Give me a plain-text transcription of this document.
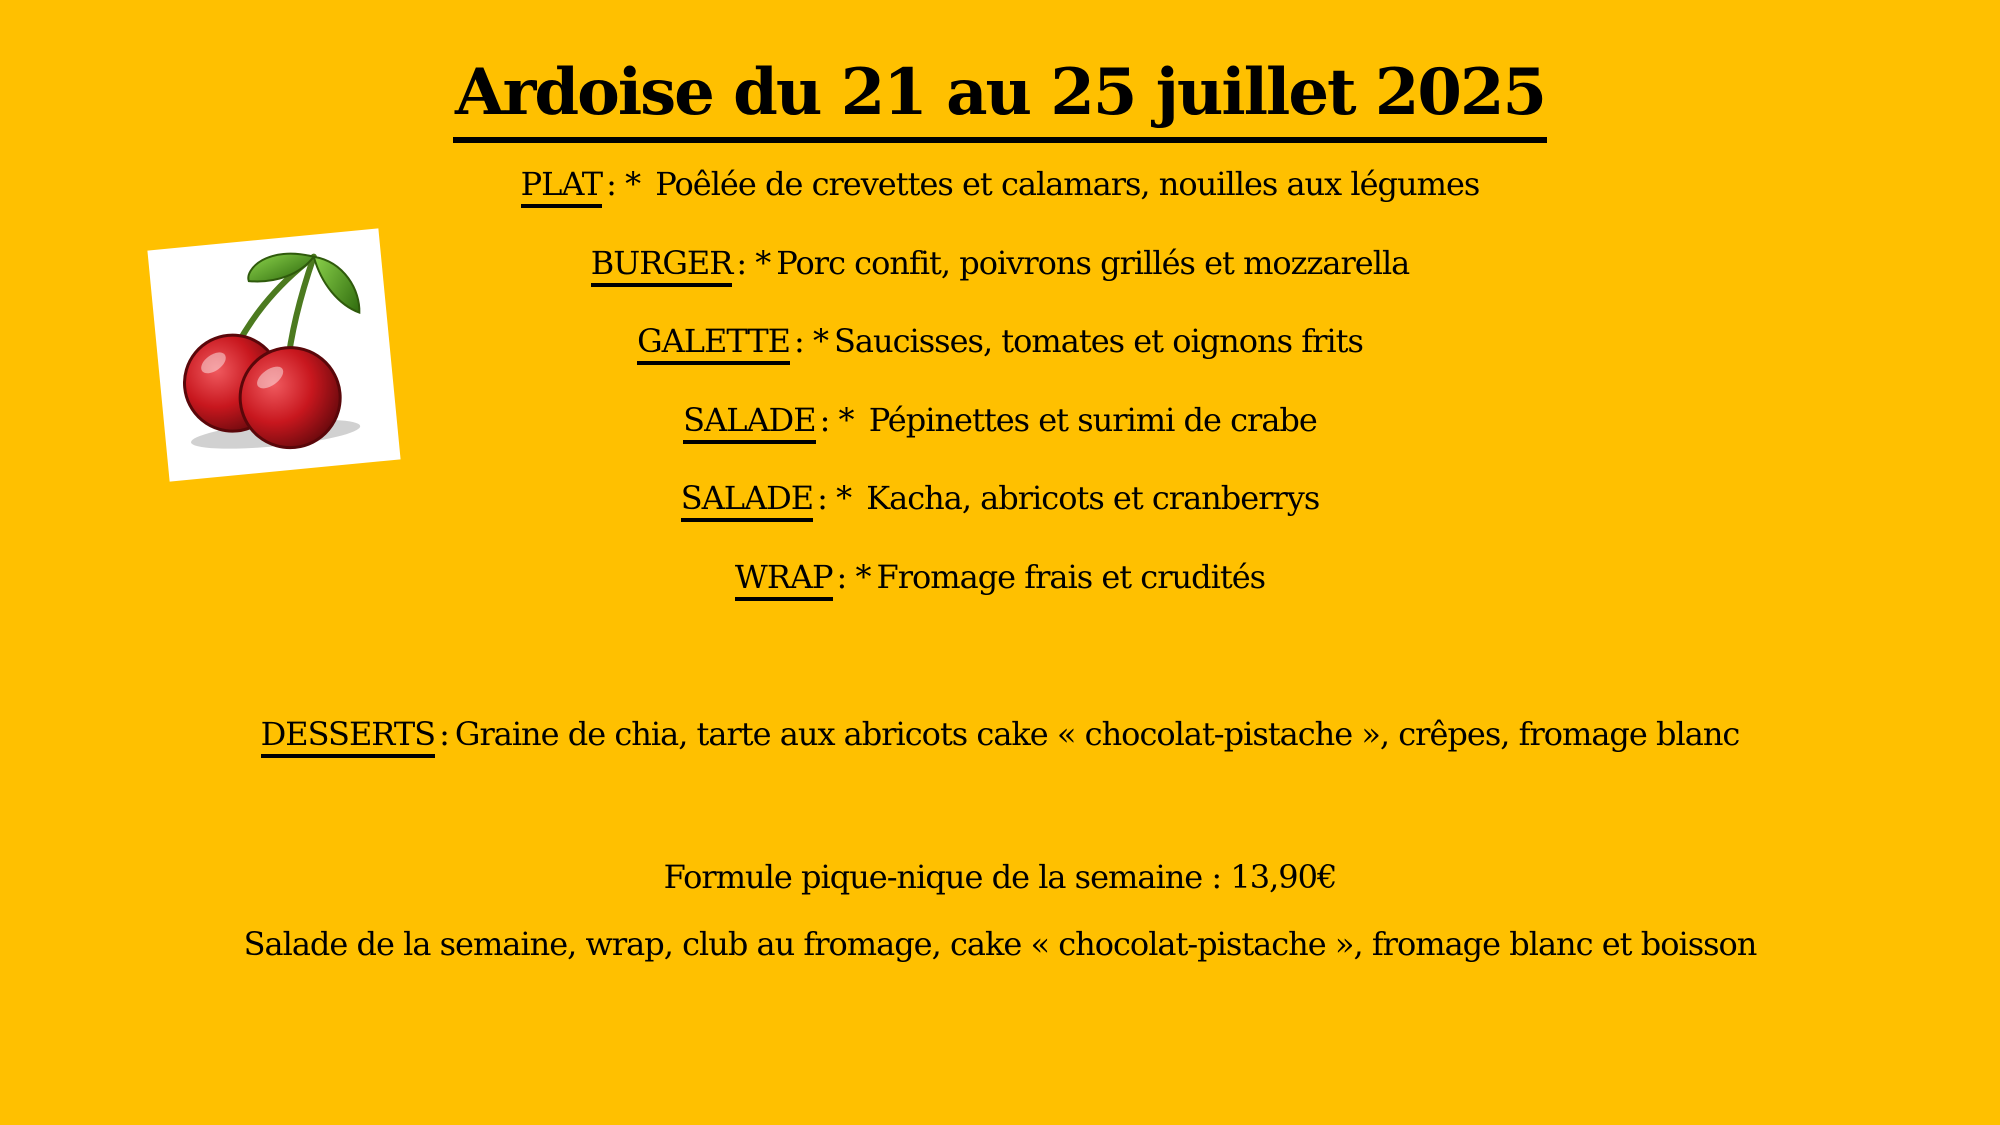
Ardoise du 21 au 25 juillet 2025
PLAT : * Poêlée de crevettes et calamars, nouilles aux légumes
BURGER : * Porc confit, poivrons grillés et mozzarella
GALETTE : * Saucisses, tomates et oignons frits
SALADE : * Pépinettes et surimi de crabe
SALADE : * Kacha, abricots et cranberrys
WRAP : * Fromage frais et crudités
DESSERTS : Graine de chia, tarte aux abricots cake « chocolat-pistache », crêpes, fromage blanc
Formule pique-nique de la semaine : 13,90€
Salade de la semaine, wrap, club au fromage, cake « chocolat-pistache », fromage blanc et boisson
